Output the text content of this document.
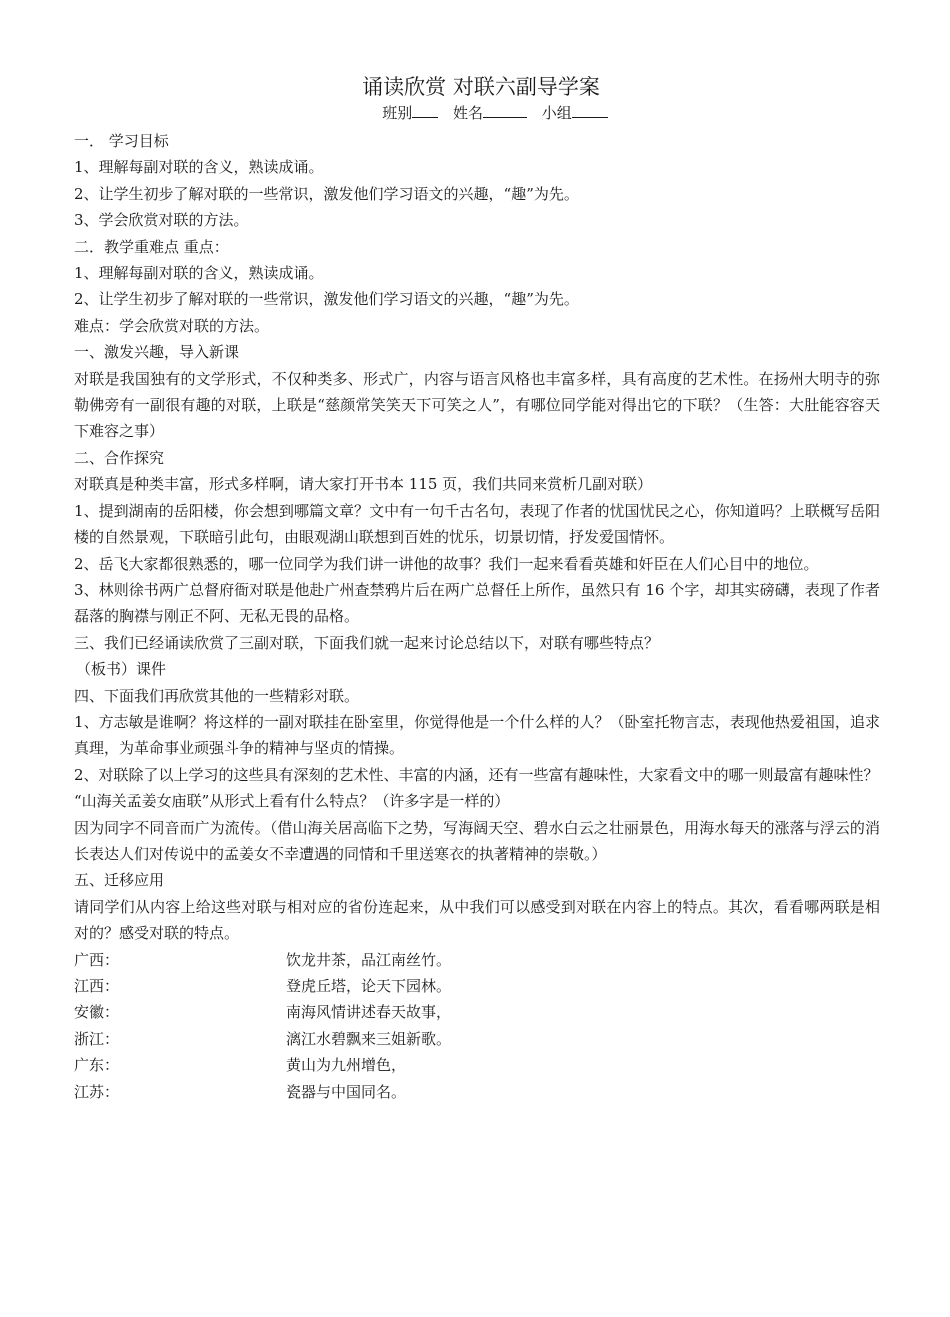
诵读欣赏 对联六副导学案
班别	姓名	小组

一． 学习目标

1、理解每副对联的含义，熟读成诵。

2、让学生初步了解对联的一些常识，激发他们学习语文的兴趣，“趣”为先。

3、学会欣赏对联的方法。

二．教学重难点 重点：

1、理解每副对联的含义，熟读成诵。

2、让学生初步了解对联的一些常识，激发他们学习语文的兴趣，“趣”为先。

难点：学会欣赏对联的方法。

一、激发兴趣，导入新课

对联是我国独有的文学形式，不仅种类多、形式广，内容与语言风格也丰富多样，具有高度的艺术性。在扬州大明寺的弥勒佛旁有一副很有趣的对联，上联是“慈颜常笑笑天下可笑之人”，有哪位同学能对得出它的下联？（生答：大肚能容容天下难容之事）

二、合作探究

对联真是种类丰富，形式多样啊，请大家打开书本 115 页，我们共同来赏析几副对联）

1、提到湖南的岳阳楼，你会想到哪篇文章？文中有一句千古名句，表现了作者的忧国忧民之心，你知道吗？上联概写岳阳楼的自然景观，下联暗引此句，由眼观湖山联想到百姓的忧乐，切景切情，抒发爱国情怀。

2、岳飞大家都很熟悉的，哪一位同学为我们讲一讲他的故事？我们一起来看看英雄和奸臣在人们心目中的地位。

3、林则徐书两广总督府衙对联是他赴广州查禁鸦片后在两广总督任上所作，虽然只有 16 个字，却其实磅礴，表现了作者磊落的胸襟与刚正不阿、无私无畏的品格。

三、我们已经诵读欣赏了三副对联，下面我们就一起来讨论总结以下，对联有哪些特点？

（板书）课件

四、下面我们再欣赏其他的一些精彩对联。

1、方志敏是谁啊？将这样的一副对联挂在卧室里，你觉得他是一个什么样的人？（卧室托物言志，表现他热爱祖国，追求真理，为革命事业顽强斗争的精神与坚贞的情操。

2、对联除了以上学习的这些具有深刻的艺术性、丰富的内涵，还有一些富有趣味性，大家看文中的哪一则最富有趣味性？

“山海关孟姜女庙联”从形式上看有什么特点？（许多字是一样的）

因为同字不同音而广为流传。（借山海关居高临下之势，写海阔天空、碧水白云之壮丽景色，用海水每天的涨落与浮云的消长表达人们对传说中的孟姜女不幸遭遇的同情和千里送寒衣的执著精神的崇敬。）

五、迁移应用

请同学们从内容上给这些对联与相对应的省份连起来，从中我们可以感受到对联在内容上的特点。其次，看看哪两联是相对的？感受对联的特点。

广西：	饮龙井茶，品江南丝竹。
江西：	登虎丘塔，论天下园林。
安徽：	南海风情讲述春天故事，
浙江：	漓江水碧飘来三姐新歌。
广东：	黄山为九州增色，
江苏：	瓷器与中国同名。
